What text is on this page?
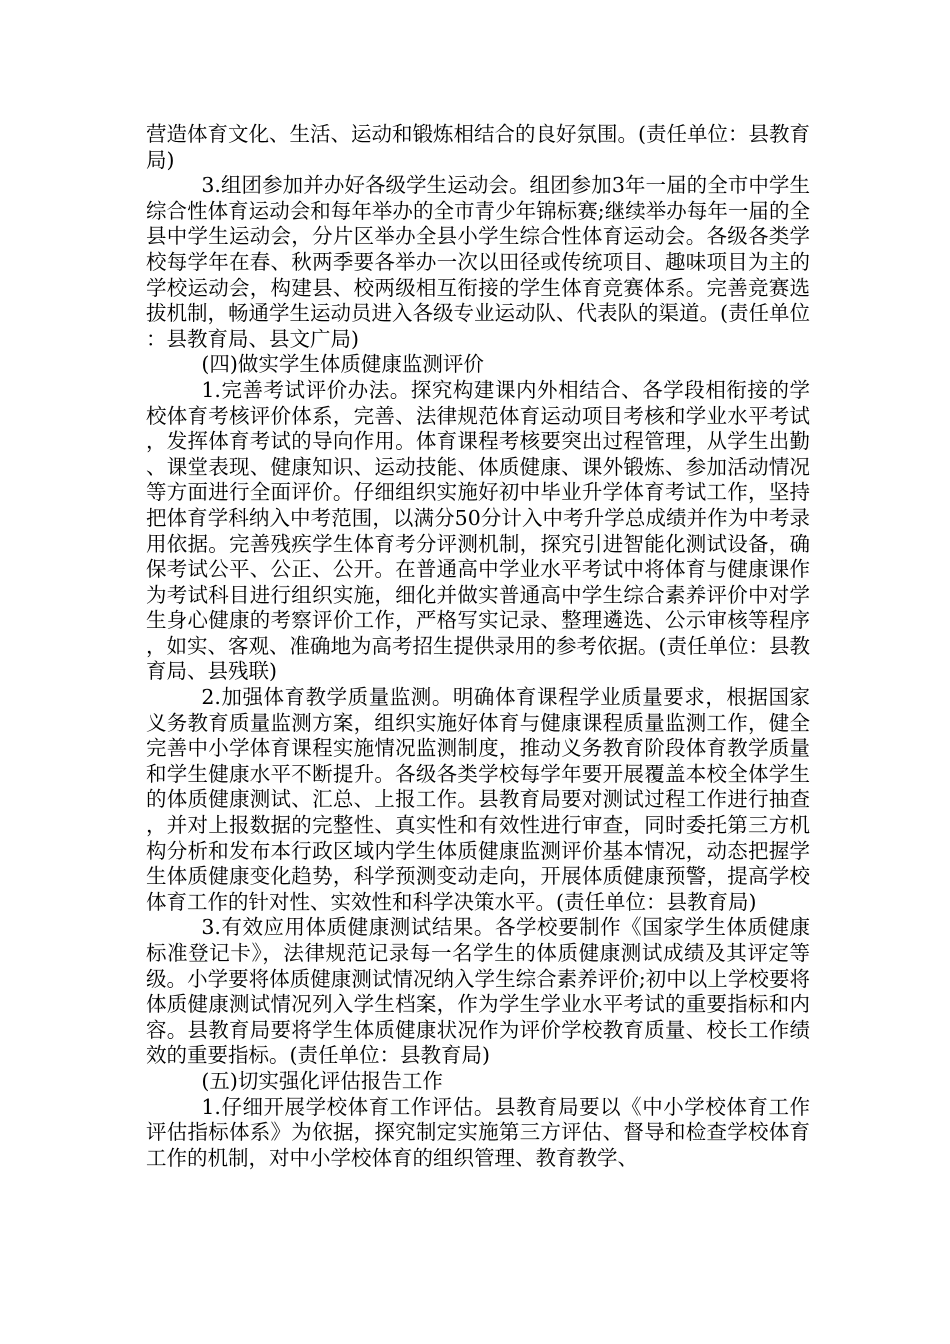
营造体育文化、生活、运动和锻炼相结合的良好氛围。(责任单位：县教育局)

3.组团参加并办好各级学生运动会。组团参加3年一届的全市中学生综合性体育运动会和每年举办的全市青少年锦标赛;继续举办每年一届的全县中学生运动会，分片区举办全县小学生综合性体育运动会。各级各类学校每学年在春、秋两季要各举办一次以田径或传统项目、趣味项目为主的学校运动会，构建县、校两级相互衔接的学生体育竞赛体系。完善竞赛选拔机制，畅通学生运动员进入各级专业运动队、代表队的渠道。(责任单位：县教育局、县文广局)

(四)做实学生体质健康监测评价

1.完善考试评价办法。探究构建课内外相结合、各学段相衔接的学校体育考核评价体系，完善、法律规范体育运动项目考核和学业水平考试，发挥体育考试的导向作用。体育课程考核要突出过程管理，从学生出勤、课堂表现、健康知识、运动技能、体质健康、课外锻炼、参加活动情况等方面进行全面评价。仔细组织实施好初中毕业升学体育考试工作，坚持把体育学科纳入中考范围，以满分50分计入中考升学总成绩并作为中考录用依据。完善残疾学生体育考分评测机制，探究引进智能化测试设备，确保考试公平、公正、公开。在普通高中学业水平考试中将体育与健康课作为考试科目进行组织实施，细化并做实普通高中学生综合素养评价中对学生身心健康的考察评价工作，严格写实记录、整理遴选、公示审核等程序，如实、客观、准确地为高考招生提供录用的参考依据。(责任单位：县教育局、县残联)

2.加强体育教学质量监测。明确体育课程学业质量要求，根据国家义务教育质量监测方案，组织实施好体育与健康课程质量监测工作，健全完善中小学体育课程实施情况监测制度，推动义务教育阶段体育教学质量和学生健康水平不断提升。各级各类学校每学年要开展覆盖本校全体学生的体质健康测试、汇总、上报工作。县教育局要对测试过程工作进行抽查，并对上报数据的完整性、真实性和有效性进行审查，同时委托第三方机构分析和发布本行政区域内学生体质健康监测评价基本情况，动态把握学生体质健康变化趋势，科学预测变动走向，开展体质健康预警，提高学校体育工作的针对性、实效性和科学决策水平。(责任单位：县教育局)

3.有效应用体质健康测试结果。各学校要制作《国家学生体质健康标准登记卡》，法律规范记录每一名学生的体质健康测试成绩及其评定等级。小学要将体质健康测试情况纳入学生综合素养评价;初中以上学校要将体质健康测试情况列入学生档案，作为学生学业水平考试的重要指标和内容。县教育局要将学生体质健康状况作为评价学校教育质量、校长工作绩效的重要指标。(责任单位：县教育局)

(五)切实强化评估报告工作

1.仔细开展学校体育工作评估。县教育局要以《中小学校体育工作评估指标体系》为依据，探究制定实施第三方评估、督导和检查学校体育工作的机制，对中小学校体育的组织管理、教育教学、
